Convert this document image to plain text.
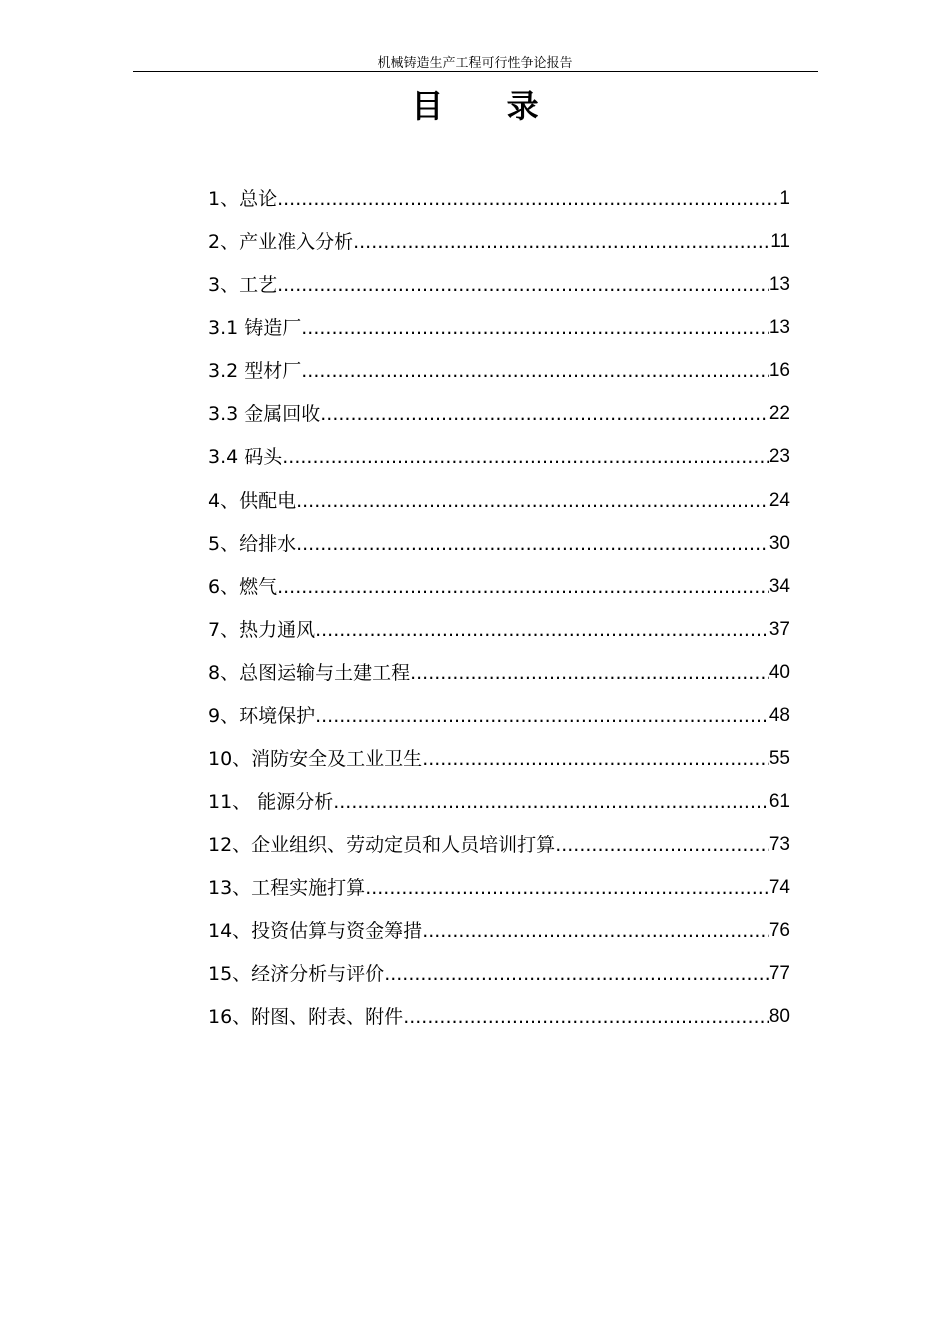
机械铸造生产工程可行性争论报告
目 录
1、总论 .....	1
2、产业准入分析 .....	11
3、工艺 .....	13
3.1 铸造厂 .....	13
3.2 型材厂 .....	16
3.3 金属回收 .....	22
3.4 码头 .....	23
4、供配电 .....	24
5、给排水 .....	30
6、燃气 .....	34
7、热力通风 .....	37
8、总图运输与土建工程 .....	40
9、环境保护 .....	48
10、消防安全及工业卫生 .....	55
11、 能源分析 .....	61
12、企业组织、劳动定员和人员培训打算 .....	73
13、工程实施打算 .....	74
14、投资估算与资金筹措 .....	76
15、经济分析与评价 .....	77
16、附图、附表、附件 .....	80
